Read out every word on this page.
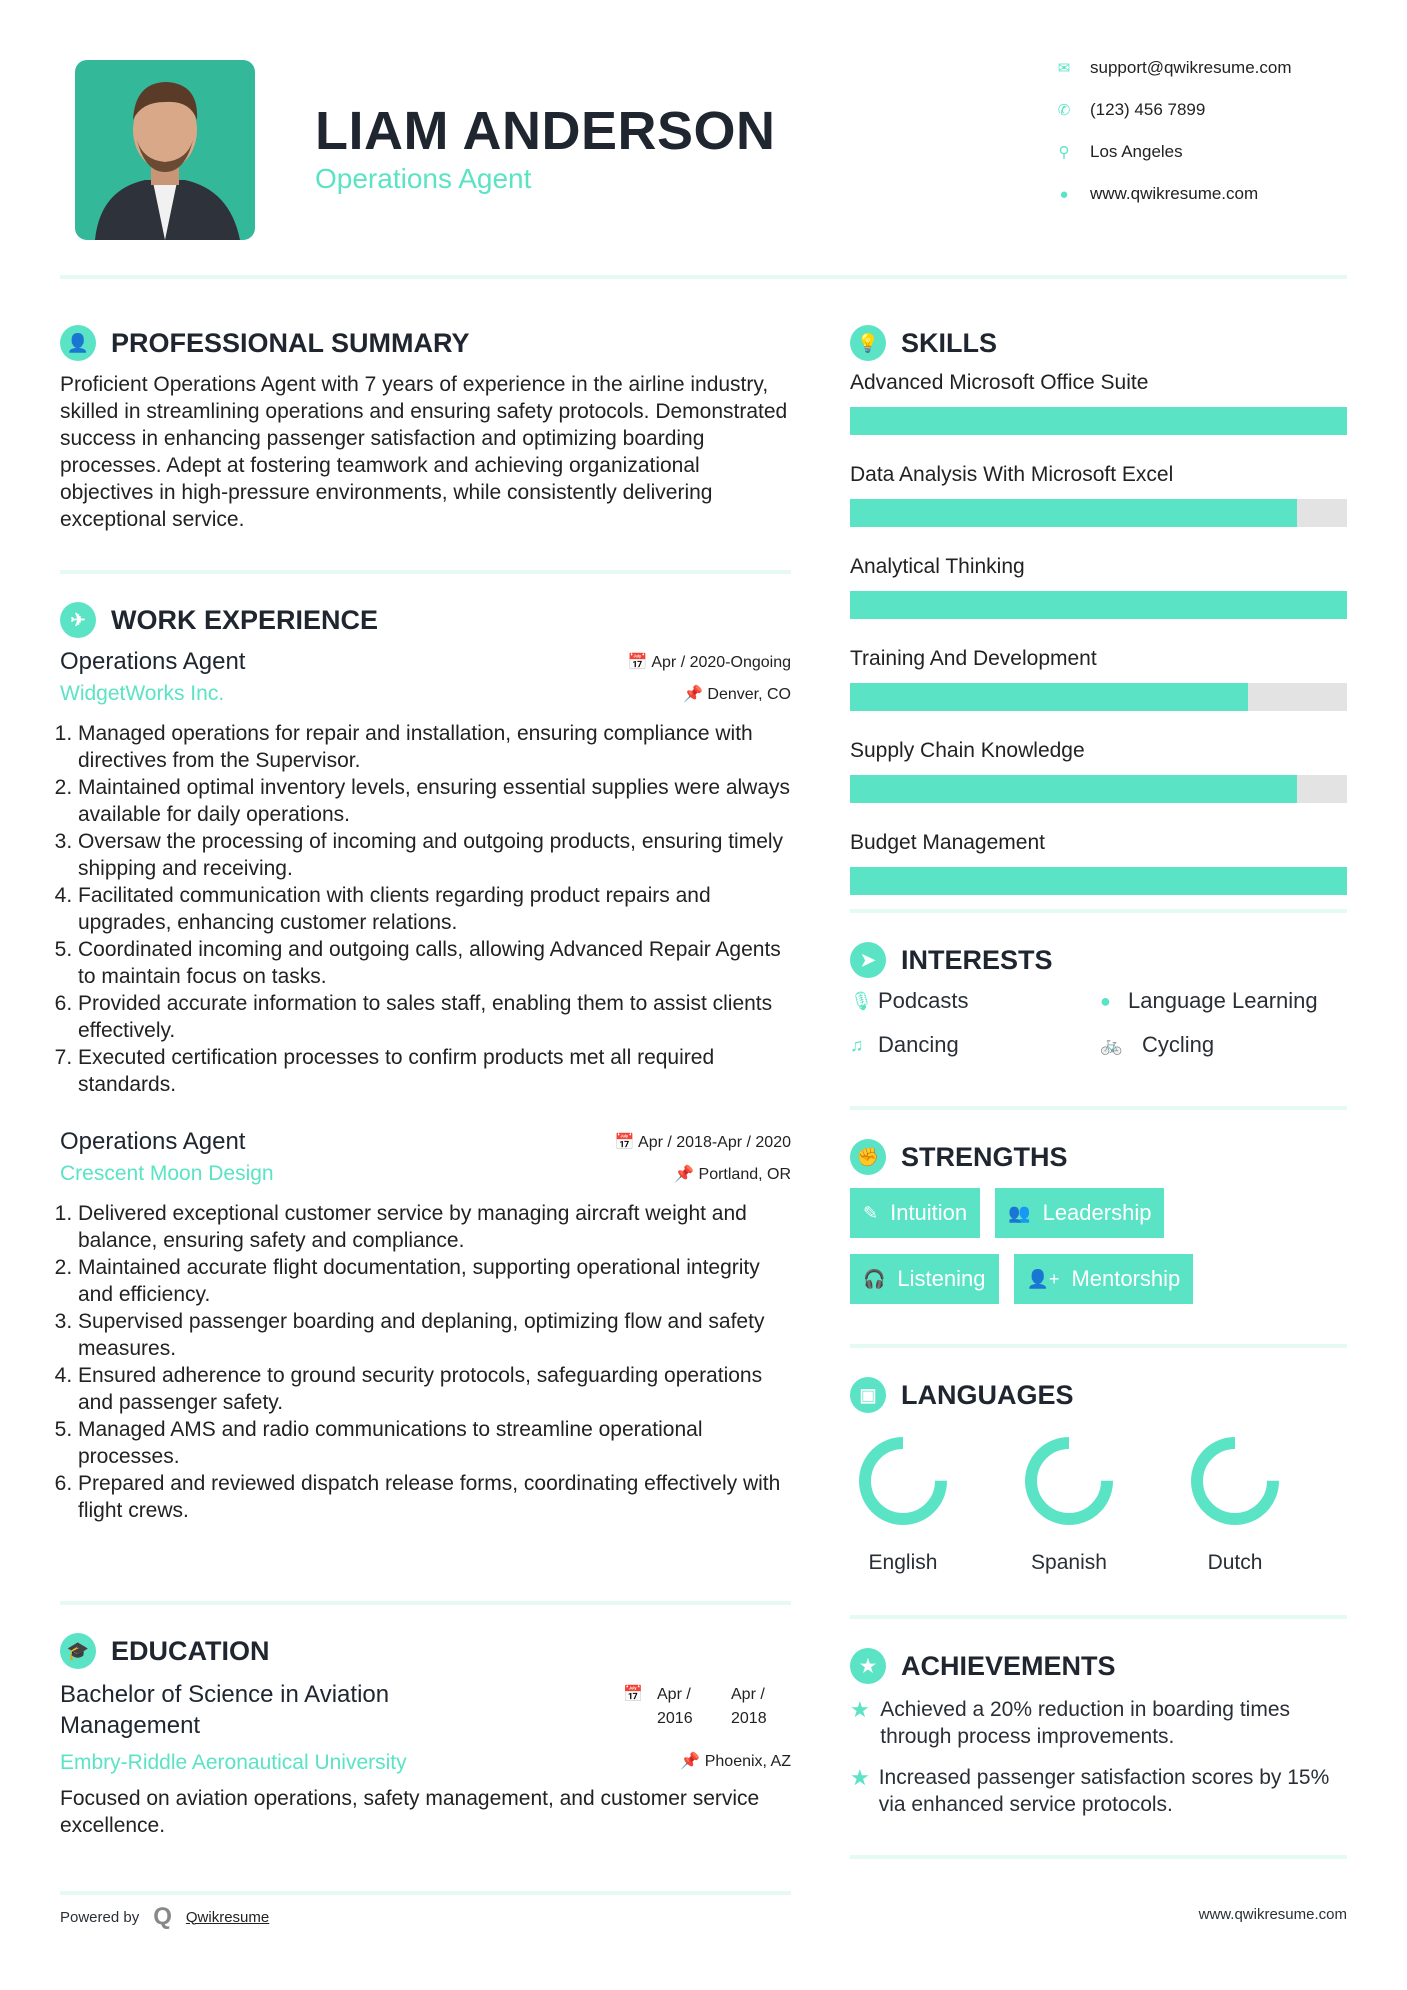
LIAM ANDERSON
Operations Agent
✉ support@qwikresume.com
✆ (123) 456 7899
⚲ Los Angeles
● www.qwikresume.com
👤 PROFESSIONAL SUMMARY
Proficient Operations Agent with 7 years of experience in the airline industry, skilled in streamlining operations and ensuring safety protocols. Demonstrated success in enhancing passenger satisfaction and optimizing boarding processes. Adept at fostering teamwork and achieving organizational objectives in high-pressure environments, while consistently delivering exceptional service.
✈ WORK EXPERIENCE
Operations Agent	📅 Apr / 2020-Ongoing
WidgetWorks Inc.	📌 Denver, CO
1. Managed operations for repair and installation, ensuring compliance with directives from the Supervisor.
2. Maintained optimal inventory levels, ensuring essential supplies were always available for daily operations.
3. Oversaw the processing of incoming and outgoing products, ensuring timely shipping and receiving.
4. Facilitated communication with clients regarding product repairs and upgrades, enhancing customer relations.
5. Coordinated incoming and outgoing calls, allowing Advanced Repair Agents to maintain focus on tasks.
6. Provided accurate information to sales staff, enabling them to assist clients effectively.
7. Executed certification processes to confirm products met all required standards.
Operations Agent	📅 Apr / 2018-Apr / 2020
Crescent Moon Design	📌 Portland, OR
1. Delivered exceptional customer service by managing aircraft weight and balance, ensuring safety and compliance.
2. Maintained accurate flight documentation, supporting operational integrity and efficiency.
3. Supervised passenger boarding and deplaning, optimizing flow and safety measures.
4. Ensured adherence to ground security protocols, safeguarding operations and passenger safety.
5. Managed AMS and radio communications to streamline operational processes.
6. Prepared and reviewed dispatch release forms, coordinating effectively with flight crews.
🎓 EDUCATION
Bachelor of Science in Aviation Management
📅 Apr / 2016
Apr / 2018
Embry-Riddle Aeronautical University	📌 Phoenix, AZ
Focused on aviation operations, safety management, and customer service excellence.
Powered by Q Qwikresume	www.qwikresume.com
💡 SKILLS
Advanced Microsoft Office Suite
Data Analysis With Microsoft Excel
Analytical Thinking
Training And Development
Supply Chain Knowledge
Budget Management
➤ INTERESTS
🎙 Podcasts	● Language Learning
♫ Dancing	🚲 Cycling
✊ STRENGTHS
✎ Intuition 👥 Leadership
🎧 Listening 👤+ Mentorship
▣ LANGUAGES
English	Spanish	Dutch
★ ACHIEVEMENTS
★ Achieved a 20% reduction in boarding times through process improvements.
★ Increased passenger satisfaction scores by 15% via enhanced service protocols.
